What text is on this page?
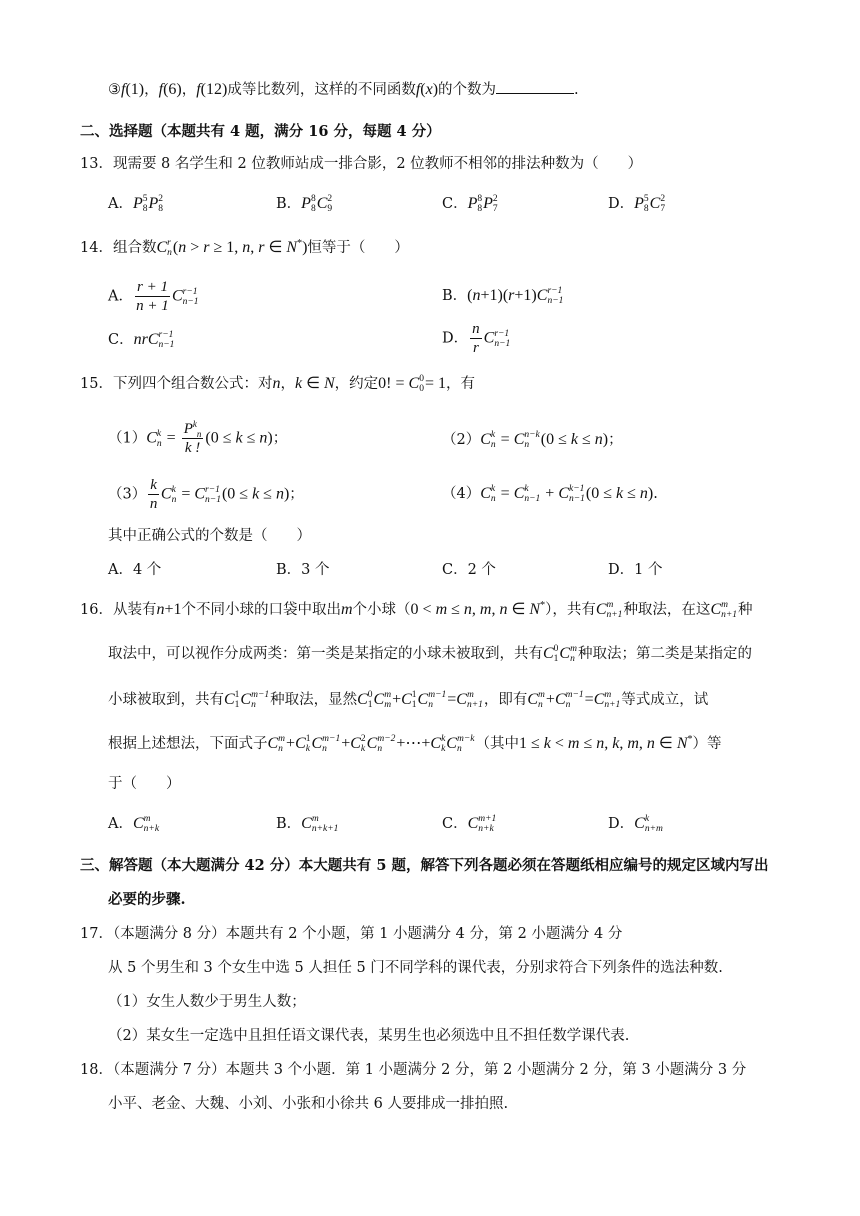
③f(1)，f(6)，f(12)成等比数列，这样的不同函数f(x)的个数为	.
二、选择题（本题共有 4 题，满分 16 分，每题 4 分）
13．现需要 8 名学生和 2 位教师站成一排合影，2 位教师不相邻的排法种数为（　　）
A．P 5
8 P 2
8	B．P 8
8 C 2
9	C．P 8
8 P 2
7	D．P 5
8 C 2
7
14．组合数C r
n (n > r ≥ 1, n, r ∈ N*)恒等于（　　）
A． $\frac{r + 1}{n + 1}$ C r−1
n−1	B．(n+1)(r+1)C r−1
n−1
C．nrC r−1
n−1	D． $\frac{n}{r}$ C r−1
n−1
15．下列四个组合数公式：对n，k ∈ N，约定0! = C 0
0 = 1，有
（1）C k
$n = \frac{P^k_n}{k !} (0 \le k \le n)$；	（2）C k
n = C n−k
n (0 ≤ k ≤ n)；
$(3) \frac{k}{n}$ C k
n = C r−1
n−1 (0 ≤ k ≤ n)；	（4）C k
n = C k
n−1 + C k−1
n−1 (0 ≤ k ≤ n).
其中正确公式的个数是（　　）
A．4 个	B．3 个	C．2 个	D．1 个
16．从装有n+1个不同小球的口袋中取出m个小球（0 < m ≤ n, m, n ∈ N*），共有C m
n+1 种取法，在这C m
n+1 种
取法中，可以视作分成两类：第一类是某指定的小球未被取到，共有C 0
1 C m
n 种取法；第二类是某指定的
小球被取到，共有C 1
1 C m−1
n 种取法，显然C 0
1 C m
m +C 1
1 C m−1
n =C m
n+1 ，即有C m
n +C m−1
n =C m
n+1 等式成立，试
根据上述想法，下面式子C m
n +C 1
k C m−1
n +C 2
k C m−2
n +⋯+C k
k C m−k
n （其中1 ≤ k < m ≤ n, k, m, n ∈ N*）等
于（　　）
A．C m
n+k	B．C m
n+k+1	C．C m+1
n+k	D．C k
n+m
三、解答题（本大题满分 42 分）本大题共有 5 题，解答下列各题必须在答题纸相应编号的规定区域内写出
必要的步骤.
17．（本题满分 8 分）本题共有 2 个小题，第 1 小题满分 4 分，第 2 小题满分 4 分
从 5 个男生和 3 个女生中选 5 人担任 5 门不同学科的课代表，分别求符合下列条件的选法种数.
（1）女生人数少于男生人数；
（2）某女生一定选中且担任语文课代表，某男生也必须选中且不担任数学课代表.
18．（本题满分 7 分）本题共 3 个小题．第 1 小题满分 2 分，第 2 小题满分 2 分，第 3 小题满分 3 分
小平、老金、大魏、小刘、小张和小徐共 6 人要排成一排拍照.
